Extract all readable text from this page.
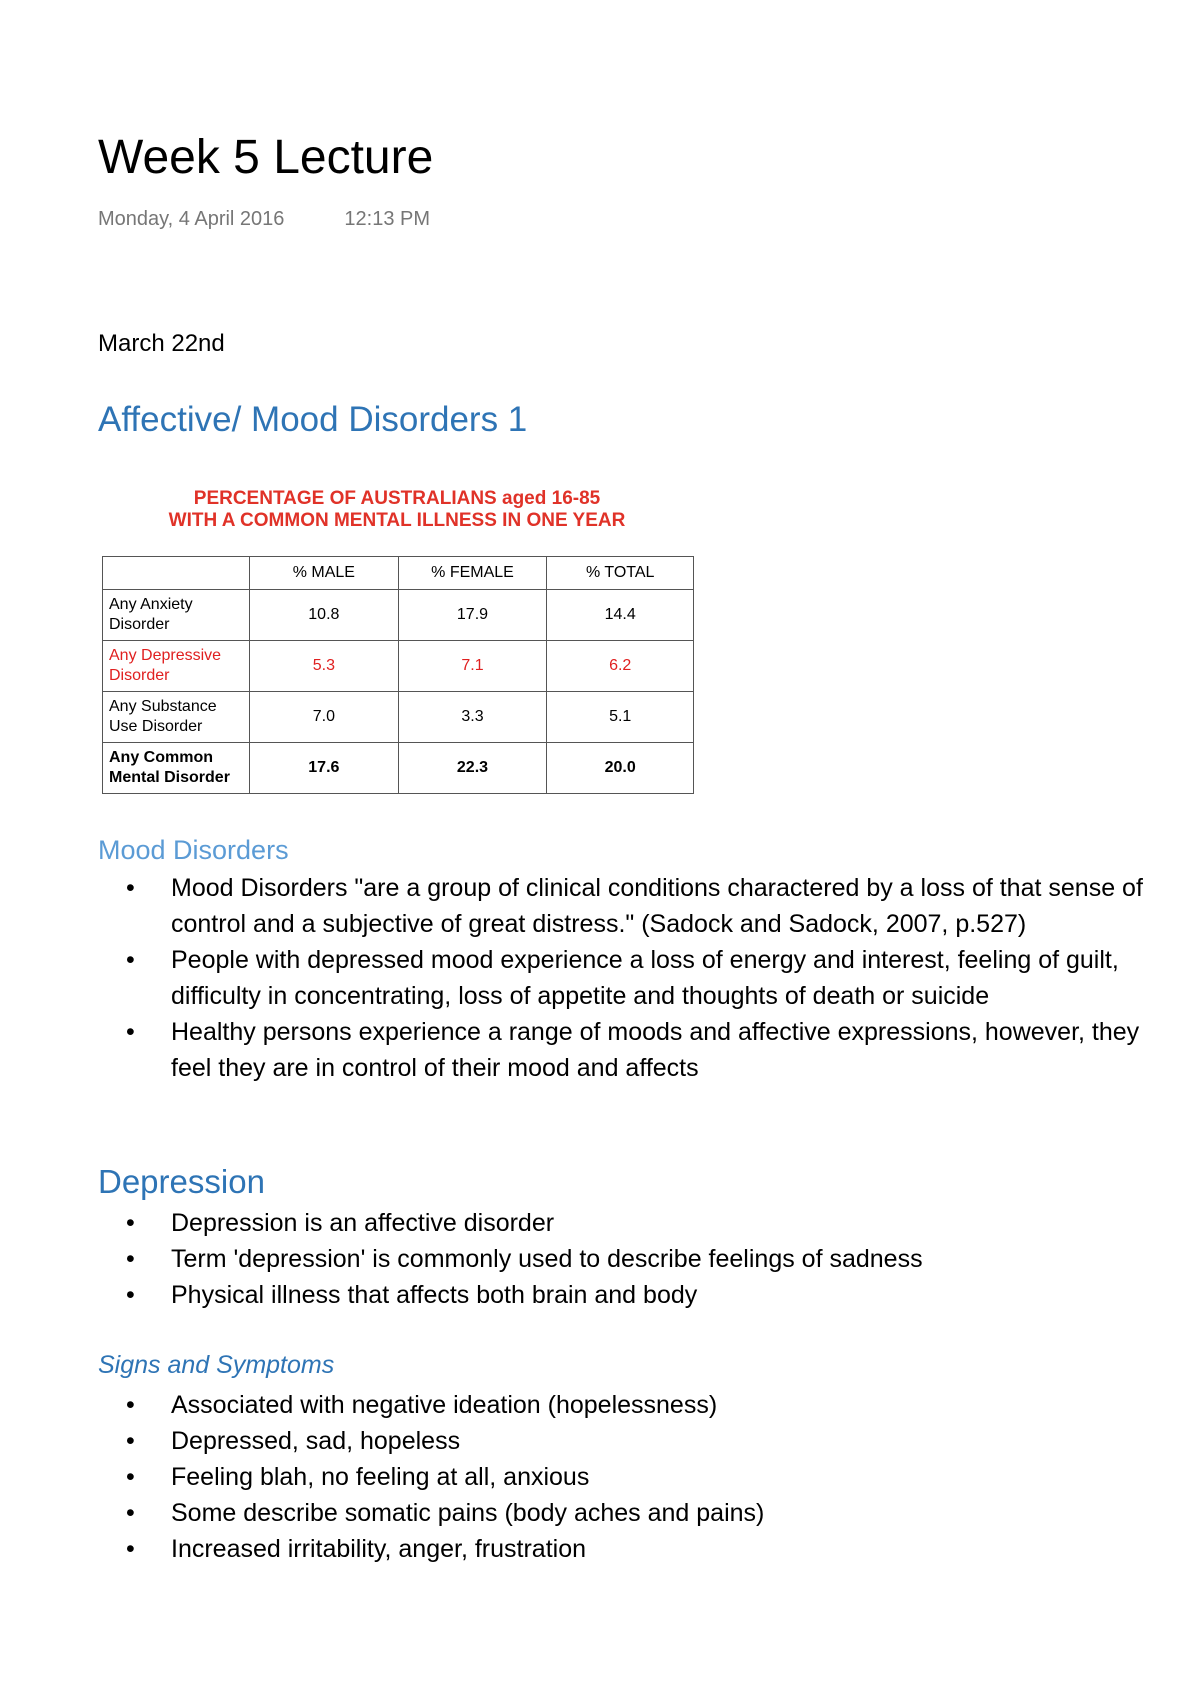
Week 5 Lecture
Monday, 4 April 2016	12:13 PM
March 22nd
Affective/ Mood Disorders 1
PERCENTAGE OF AUSTRALIANS aged 16-85
WITH A COMMON MENTAL ILLNESS IN ONE YEAR
	% MALE	% FEMALE	% TOTAL
Any Anxiety
Disorder	10.8	17.9	14.4
Any Depressive
Disorder	5.3	7.1	6.2
Any Substance
Use Disorder	7.0	3.3	5.1
Any Common
Mental Disorder	17.6	22.3	20.0
Mood Disorders
• Mood Disorders "are a group of clinical conditions charactered by a loss of that sense of control and a subjective of great distress." (Sadock and Sadock, 2007, p.527)
• People with depressed mood experience a loss of energy and interest, feeling of guilt, difficulty in concentrating, loss of appetite and thoughts of death or suicide
• Healthy persons experience a range of moods and affective expressions, however, they feel they are in control of their mood and affects
Depression
• Depression is an affective disorder
• Term 'depression' is commonly used to describe feelings of sadness
• Physical illness that affects both brain and body
Signs and Symptoms
• Associated with negative ideation (hopelessness)
• Depressed, sad, hopeless
• Feeling blah, no feeling at all, anxious
• Some describe somatic pains (body aches and pains)
• Increased irritability, anger, frustration
•
